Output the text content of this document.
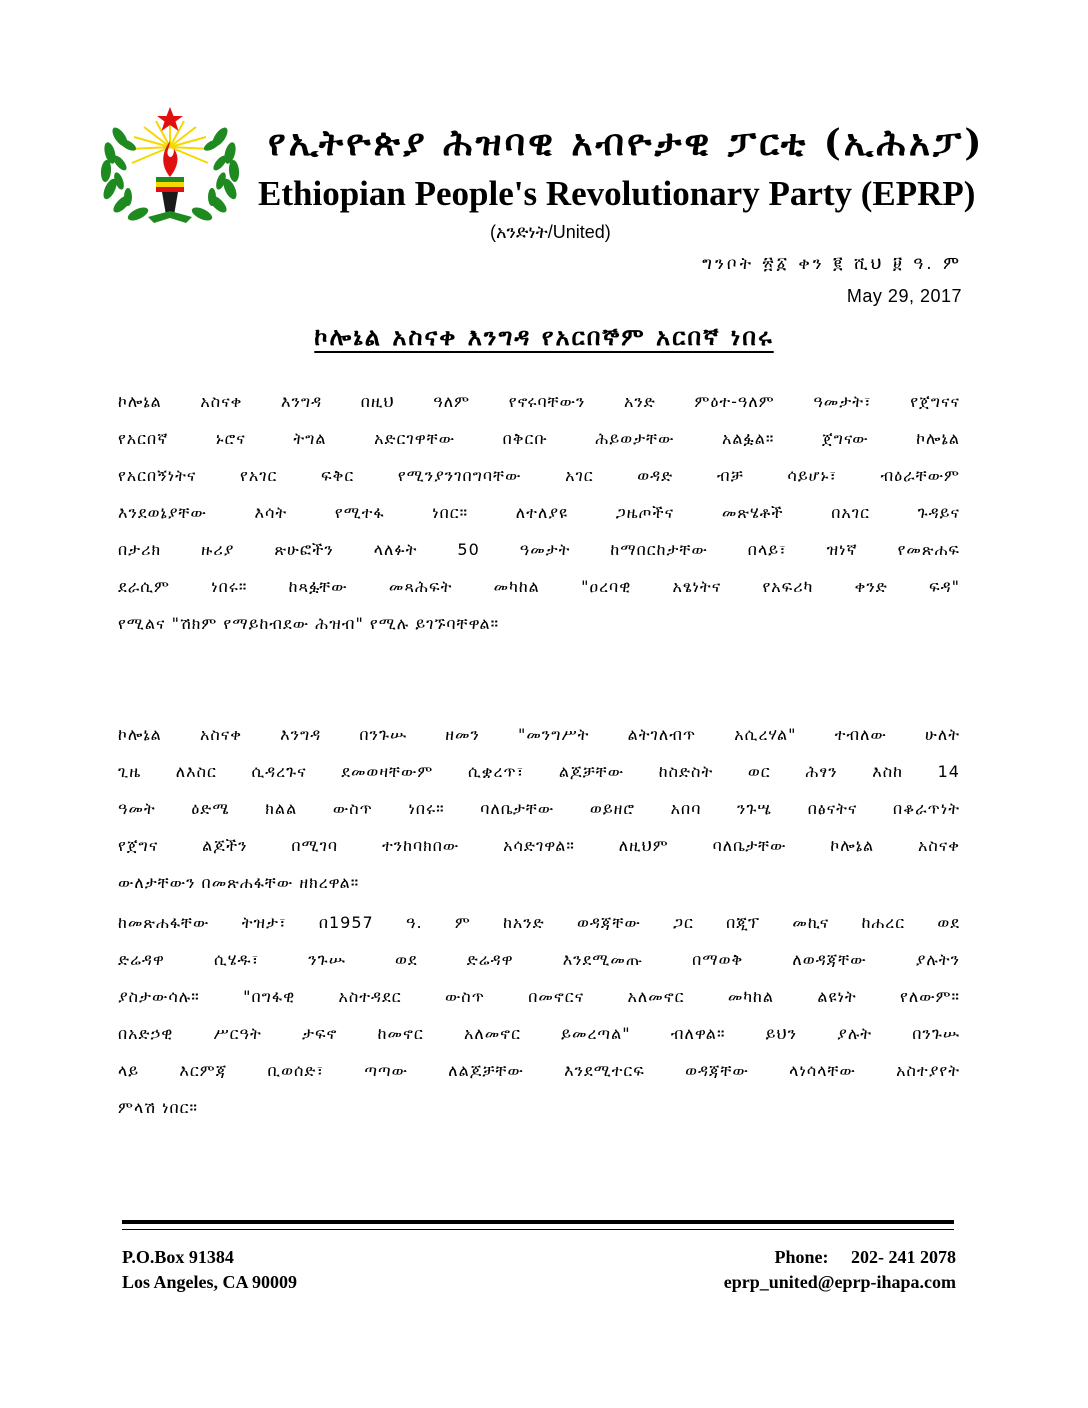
የኢትዮጵያ ሕዝባዊ አብዮታዊ ፓርቲ (ኢሕአፓ)
Ethiopian People's Revolutionary Party (EPRP)
(አንድነት/United)
ግንቦት ፳፩ ቀን ፪ ሺህ ፱ ዓ. ም
May 29, 2017
ኮሎኔል አስናቀ እንግዳ የአርበኞም አርበኛ ነበሩ
ኮሎኔል አስናቀ እንግዳ በዚህ ዓለም የኖሩባቸውን አንድ ምዕተ-ዓለም ዓመታት፣ የጀግናና
የአርበኛ ኑሮና ትግል አድርገዋቸው በቅርቡ ሕይወታቸው አልፏል። ጀግናው ኮሎኔል
የአርበኝነትና የአገር ፍቅር የሚንያንገበግባቸው አገር ወዳድ ብቻ ሳይሆኑ፣ ብዕራቸውም
እንደወኔያቸው እሳት የሚተፋ ነበር። ለተለያዩ ጋዜጦችና መጽሄቶች በአገር ጉዳይና
በታሪክ ዙሪያ ጽሁፎችን ላለፉት 50 ዓመታት ከማበርከታቸው በላይ፣ ዝነኛ የመጽሐፍ
ደራሲም ነበሩ። ከጻፏቸው መጻሕፍት መካከል "ዐረባዊ አፄነትና የአፍሪካ ቀንድ ፍዳ"
የሚልና "ሽክም የማይከብደው ሕዝብ" የሚሉ ይገኙባቸዋል።
ኮሎኔል አስናቀ እንግዳ በንጉሡ ዘመን "መንግሥት ልትገለብጥ አሲረሃል" ተብለው ሁለት
ጊዜ ለእስር ሲዳረጉና ደመወዛቸውም ሲቋረጥ፣ ልጆቻቸው ከስድስት ወር ሕፃን እስከ 14
ዓመት ዕድሜ ክልል ውስጥ ነበሩ። ባለቤታቸው ወይዘሮ አበባ ንጉሤ በፅናትና በቆራጥነት
የጀግና ልጆችን በሚገባ ተንከባክበው አሳድገዋል። ለዚህም ባለቤታቸው ኮሎኔል አስናቀ
ውለታቸውን በመጽሐፋቸው ዘክረዋል።
ከመጽሐፋቸው ትዝታ፣ በ1957 ዓ. ም ከአንድ ወዳጃቸው ጋር በጂፕ መኪና ከሐረር ወደ
ድሬዳዋ ሲሄዱ፣ ንጉሡ ወደ ድሬዳዋ እንደሚመጡ በማወቅ ለወዳጃቸው ያሉትን
ያስታውሳሉ። "በግፋዊ አስተዳደር ውስጥ በመኖርና አለመኖር መካከል ልዩነት የለውም።
በአድኃዊ ሥርዓት ታፍኖ ከመኖር አለመኖር ይመረጣል" ብለዋል። ይህን ያሉት በንጉሡ
ላይ እርምጃ ቢወሰድ፣ ጣጣው ለልጆቻቸው እንደሚተርፍ ወዳጃቸው ላነሳላቸው አስተያየት
ምላሽ ነበር።
P.O.Box 91384
Los Angeles, CA 90009
Phone: 202- 241 2078
eprp_united@eprp-ihapa.com
